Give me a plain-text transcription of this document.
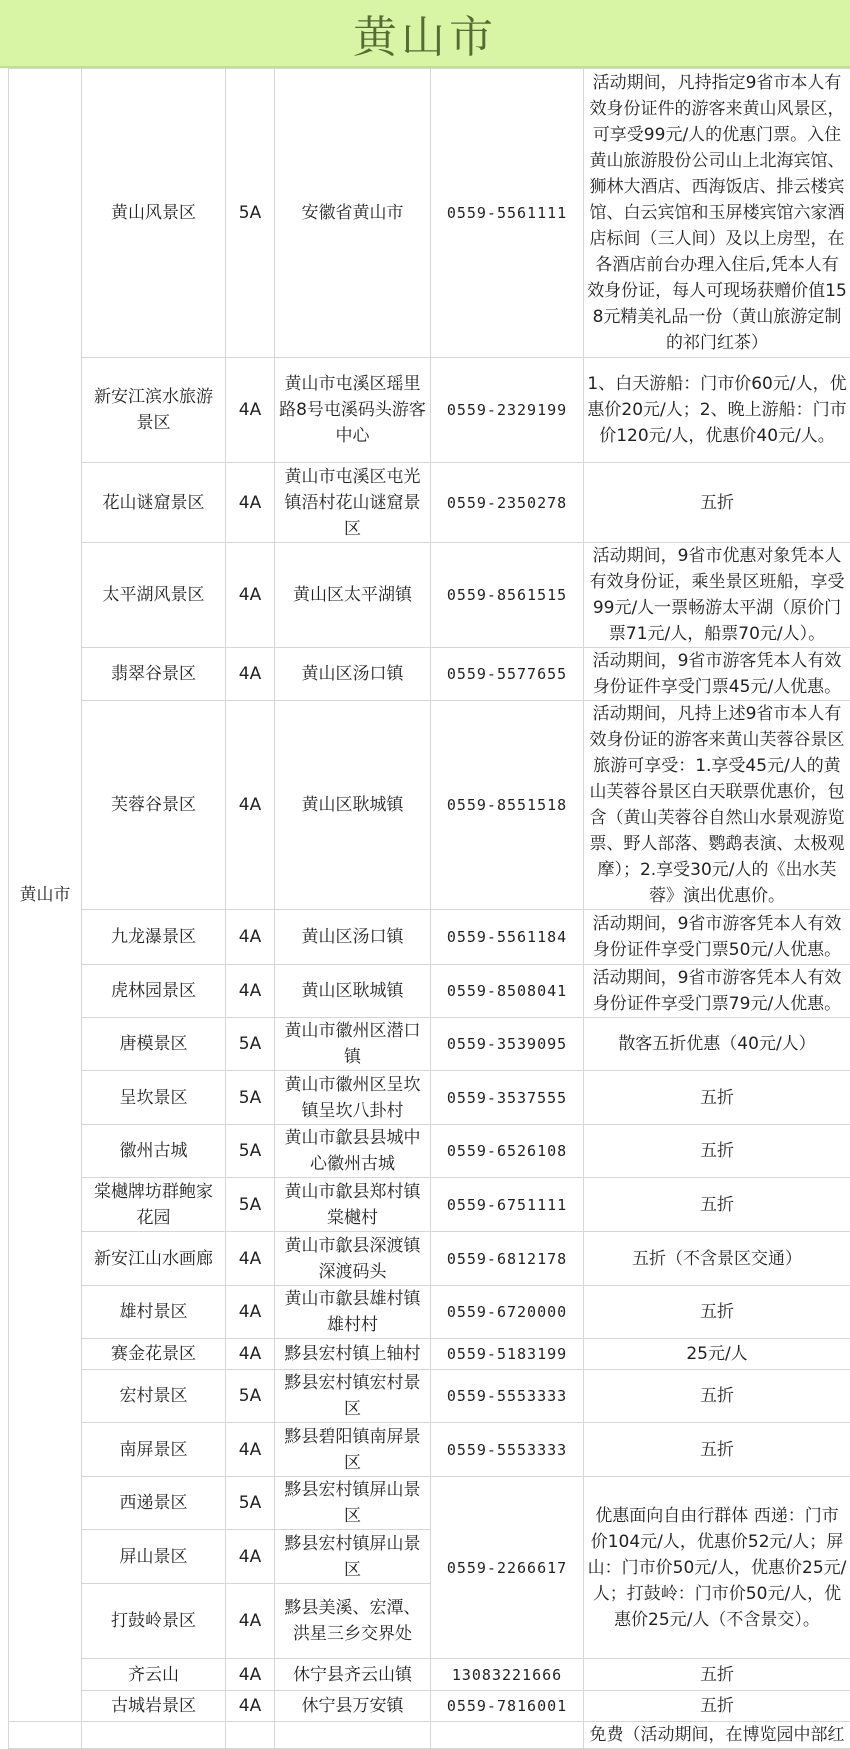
黄山市
黄山市	黄山风景区	5A	安徽省黄山市	0559-5561111	活动期间，凡持指定9省市本人有效身份证件的游客来黄山风景区，可享受99元/人的优惠门票。入住黄山旅游股份公司山上北海宾馆、狮林大酒店、西海饭店、排云楼宾馆、白云宾馆和玉屏楼宾馆六家酒店标间（三人间）及以上房型，在各酒店前台办理入住后,凭本人有效身份证，每人可现场获赠价值158元精美礼品一份（黄山旅游定制的祁门红茶）
	新安江滨水旅游景区	4A	黄山市屯溪区瑶里路8号屯溪码头游客中心	0559-2329199	1、白天游船：门市价60元/人，优惠价20元/人；2、晚上游船：门市价120元/人，优惠价40元/人。
	花山谜窟景区	4A	黄山市屯溪区屯光镇浯村花山谜窟景区	0559-2350278	五折
	太平湖风景区	4A	黄山区太平湖镇	0559-8561515	活动期间，9省市优惠对象凭本人有效身份证，乘坐景区班船，享受99元/人一票畅游太平湖（原价门票71元/人，船票70元/人）。
	翡翠谷景区	4A	黄山区汤口镇	0559-5577655	活动期间，9省市游客凭本人有效身份证件享受门票45元/人优惠。
	芙蓉谷景区	4A	黄山区耿城镇	0559-8551518	活动期间，凡持上述9省市本人有效身份证的游客来黄山芙蓉谷景区旅游可享受：1.享受45元/人的黄山芙蓉谷景区白天联票优惠价，包含（黄山芙蓉谷自然山水景观游览票、野人部落、鹦鹉表演、太极观摩）；2.享受30元/人的《出水芙蓉》演出优惠价。
	九龙瀑景区	4A	黄山区汤口镇	0559-5561184	活动期间，9省市游客凭本人有效身份证件享受门票50元/人优惠。
	虎林园景区	4A	黄山区耿城镇	0559-8508041	活动期间，9省市游客凭本人有效身份证件享受门票79元/人优惠。
	唐模景区	5A	黄山市徽州区潜口镇	0559-3539095	散客五折优惠（40元/人）
	呈坎景区	5A	黄山市徽州区呈坎镇呈坎八卦村	0559-3537555	五折
	徽州古城	5A	黄山市歙县县城中心徽州古城	0559-6526108	五折
	棠樾牌坊群鲍家花园	5A	黄山市歙县郑村镇棠樾村	0559-6751111	五折
	新安江山水画廊	4A	黄山市歙县深渡镇深渡码头	0559-6812178	五折（不含景区交通）
	雄村景区	4A	黄山市歙县雄村镇雄村村	0559-6720000	五折
	赛金花景区	4A	黟县宏村镇上轴村	0559-5183199	25元/人
	宏村景区	5A	黟县宏村镇宏村景区	0559-5553333	五折
	南屏景区	4A	黟县碧阳镇南屏景区	0559-5553333	五折
	西递景区	5A	黟县宏村镇屏山景区	0559-2266617	优惠面向自由行群体 西递：门市价104元/人，优惠价52元/人；屏山：门市价50元/人，优惠价25元/人；打鼓岭：门市价50元/人，优惠价25元/人（不含景交）。
	屏山景区	4A	黟县宏村镇屏山景区		
	打鼓岭景区	4A	黟县美溪、宏潭、洪星三乡交界处		
	齐云山	4A	休宁县齐云山镇	13083221666	五折
	古城岩景区	4A	休宁县万安镇	0559-7816001	五折
					免费（活动期间，在博览园中部红
